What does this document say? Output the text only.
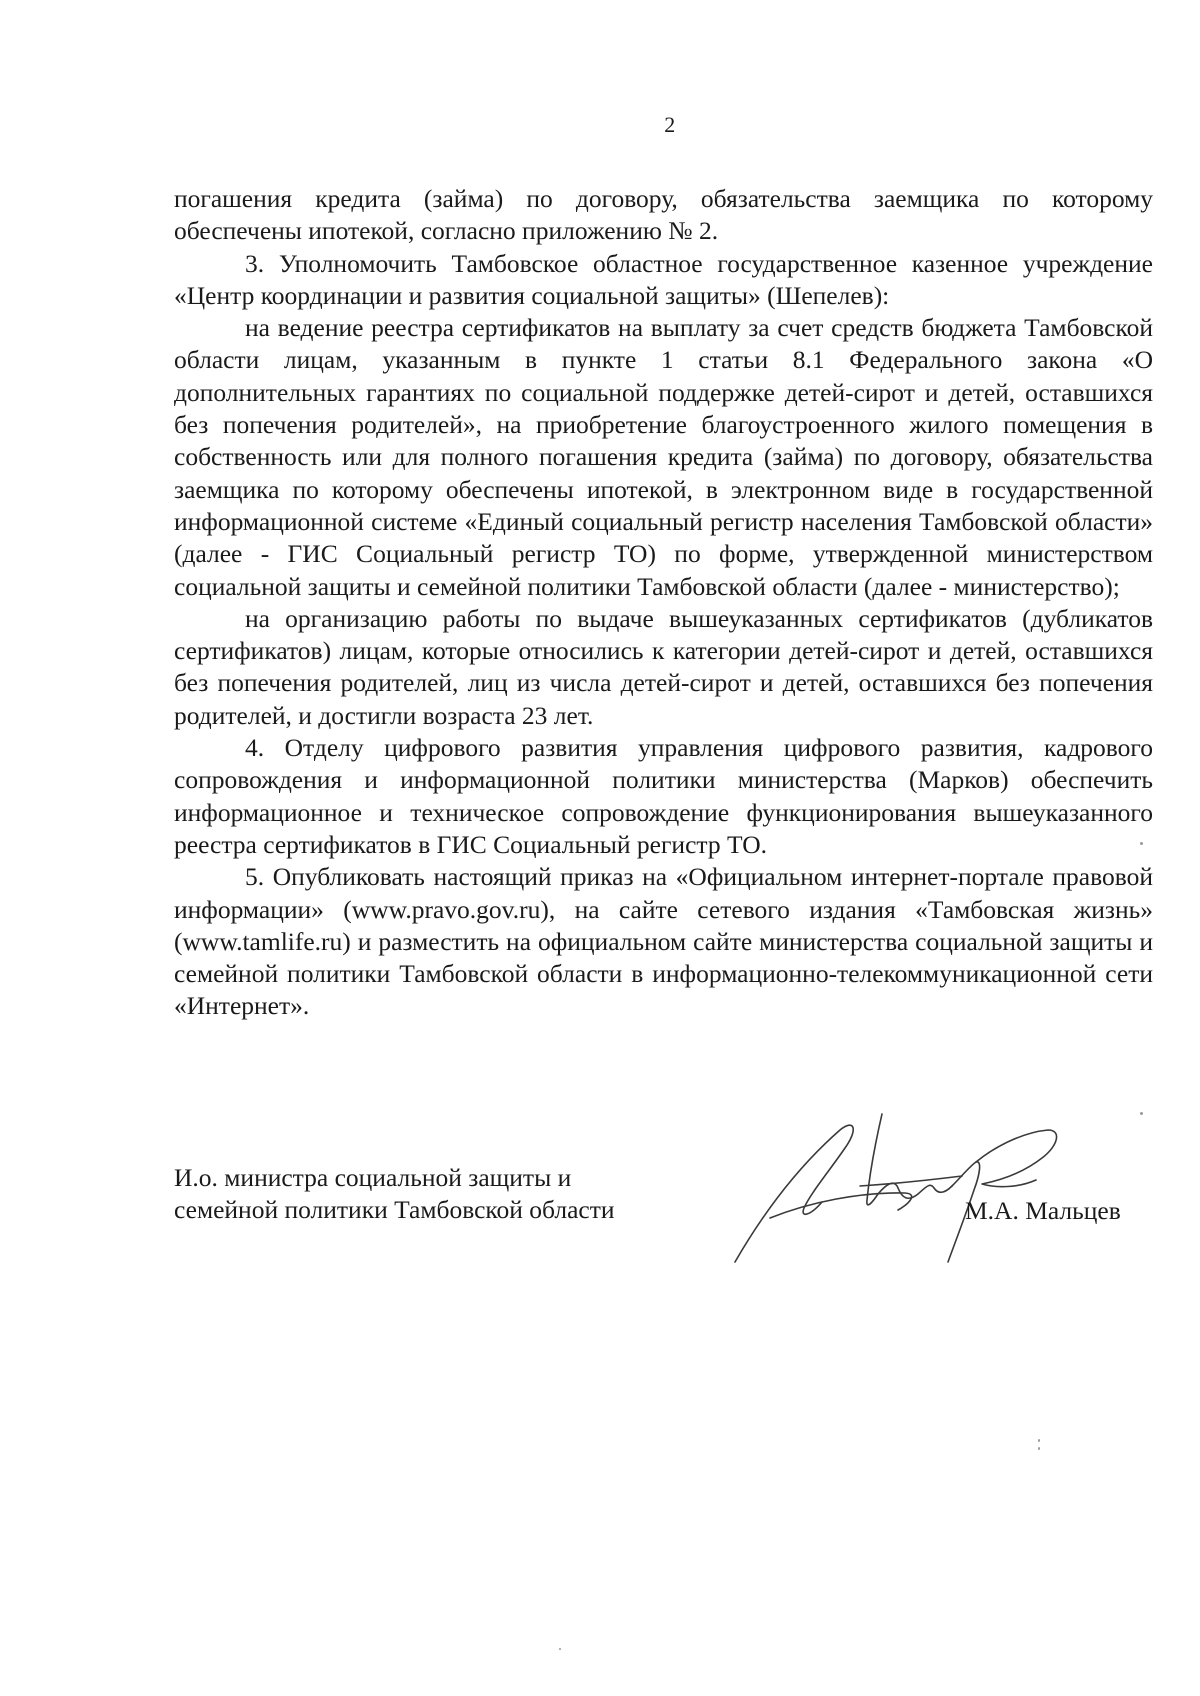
2

погашения кредита (займа) по договору, обязательства заемщика по которому обеспечены ипотекой, согласно приложению № 2.

3. Уполномочить Тамбовское областное государственное казенное учреждение «Центр координации и развития социальной защиты» (Шепелев):

на ведение реестра сертификатов на выплату за счет средств бюджета Тамбовской области лицам, указанным в пункте 1 статьи 8.1 Федерального закона «О дополнительных гарантиях по социальной поддержке детей-сирот и детей, оставшихся без попечения родителей», на приобретение благоустроенного жилого помещения в собственность или для полного погашения кредита (займа) по договору, обязательства заемщика по которому обеспечены ипотекой, в электронном виде в государственной информационной системе «Единый социальный регистр населения Тамбовской области» (далее - ГИС Социальный регистр ТО) по форме, утвержденной министерством социальной защиты и семейной политики Тамбовской области (далее - министерство);

на организацию работы по выдаче вышеуказанных сертификатов (дубликатов сертификатов) лицам, которые относились к категории детей-сирот и детей, оставшихся без попечения родителей, лиц из числа детей-сирот и детей, оставшихся без попечения родителей, и достигли возраста 23 лет.

4. Отделу цифрового развития управления цифрового развития, кадрового сопровождения и информационной политики министерства (Марков) обеспечить информационное и техническое сопровождение функционирования вышеуказанного реестра сертификатов в ГИС Социальный регистр ТО.

5. Опубликовать настоящий приказ на «Официальном интернет-портале правовой информации» (www.pravo.gov.ru), на сайте сетевого издания «Тамбовская жизнь» (www.tamlife.ru) и разместить на официальном сайте министерства социальной защиты и семейной политики Тамбовской области в информационно-телекоммуникационной сети «Интернет».

И.о. министра социальной защиты и
семейной политики Тамбовской области	М.А. Мальцев
